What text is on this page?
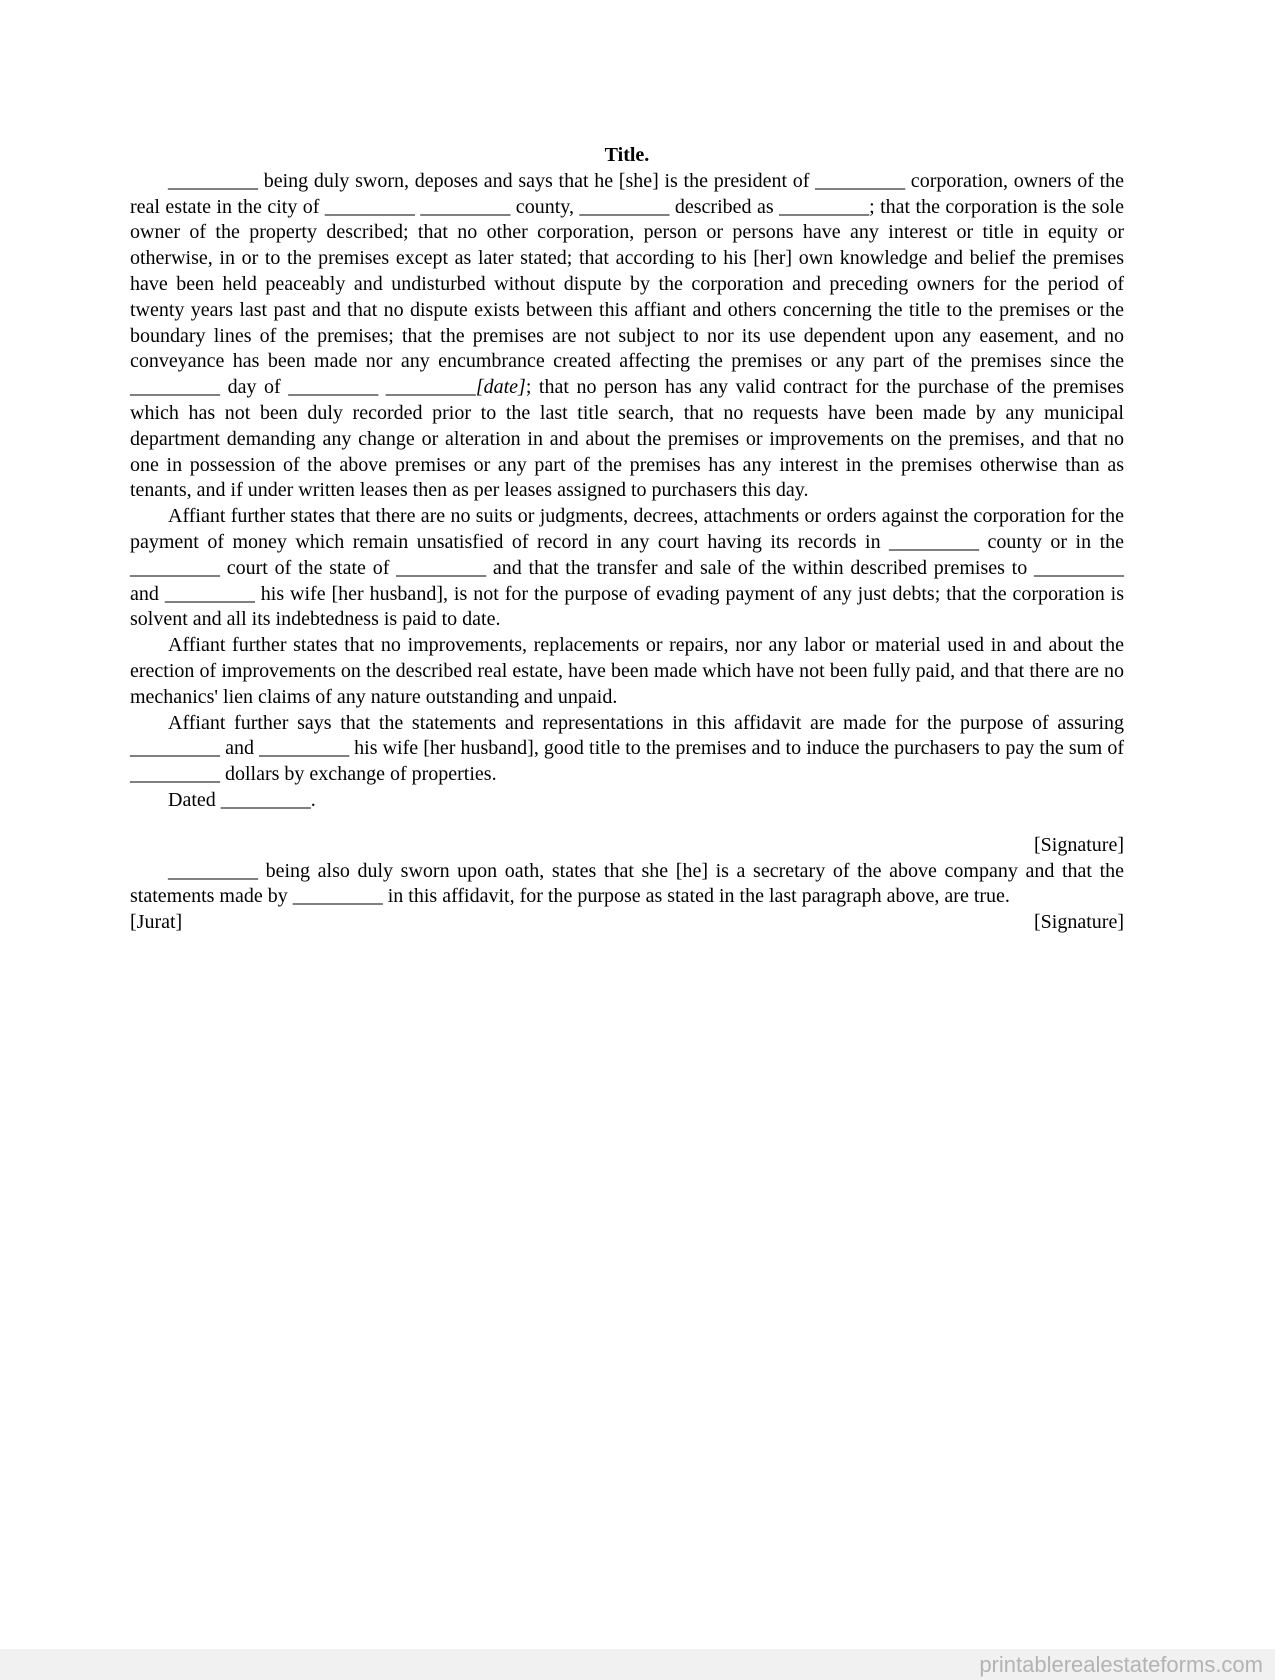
Title.

_________ being duly sworn, deposes and says that he [she] is the president of _________ corporation, owners of the real estate in the city of _________ _________ county, _________ described as _________; that the corporation is the sole owner of the property described; that no other corporation, person or persons have any interest or title in equity or otherwise, in or to the premises except as later stated; that according to his [her] own knowledge and belief the premises have been held peaceably and undisturbed without dispute by the corporation and preceding owners for the period of twenty years last past and that no dispute exists between this affiant and others concerning the title to the premises or the boundary lines of the premises; that the premises are not subject to nor its use dependent upon any easement, and no conveyance has been made nor any encumbrance created affecting the premises or any part of the premises since the _________ day of _________ _________[date]; that no person has any valid contract for the purchase of the premises which has not been duly recorded prior to the last title search, that no requests have been made by any municipal department demanding any change or alteration in and about the premises or improvements on the premises, and that no one in possession of the above premises or any part of the premises has any interest in the premises otherwise than as tenants, and if under written leases then as per leases assigned to purchasers this day.

Affiant further states that there are no suits or judgments, decrees, attachments or orders against the corporation for the payment of money which remain unsatisfied of record in any court having its records in _________ county or in the _________ court of the state of _________ and that the transfer and sale of the within described premises to _________ and _________ his wife [her husband], is not for the purpose of evading payment of any just debts; that the corporation is solvent and all its indebtedness is paid to date.

Affiant further states that no improvements, replacements or repairs, nor any labor or material used in and about the erection of improvements on the described real estate, have been made which have not been fully paid, and that there are no mechanics' lien claims of any nature outstanding and unpaid.

Affiant further says that the statements and representations in this affidavit are made for the purpose of assuring _________ and _________ his wife [her husband], good title to the premises and to induce the purchasers to pay the sum of _________ dollars by exchange of properties.

Dated _________.

[Signature]

_________ being also duly sworn upon oath, states that she [he] is a secretary of the above company and that the statements made by _________ in this affidavit, for the purpose as stated in the last paragraph above, are true.

[Jurat]	[Signature]
printablerealestateforms.com
